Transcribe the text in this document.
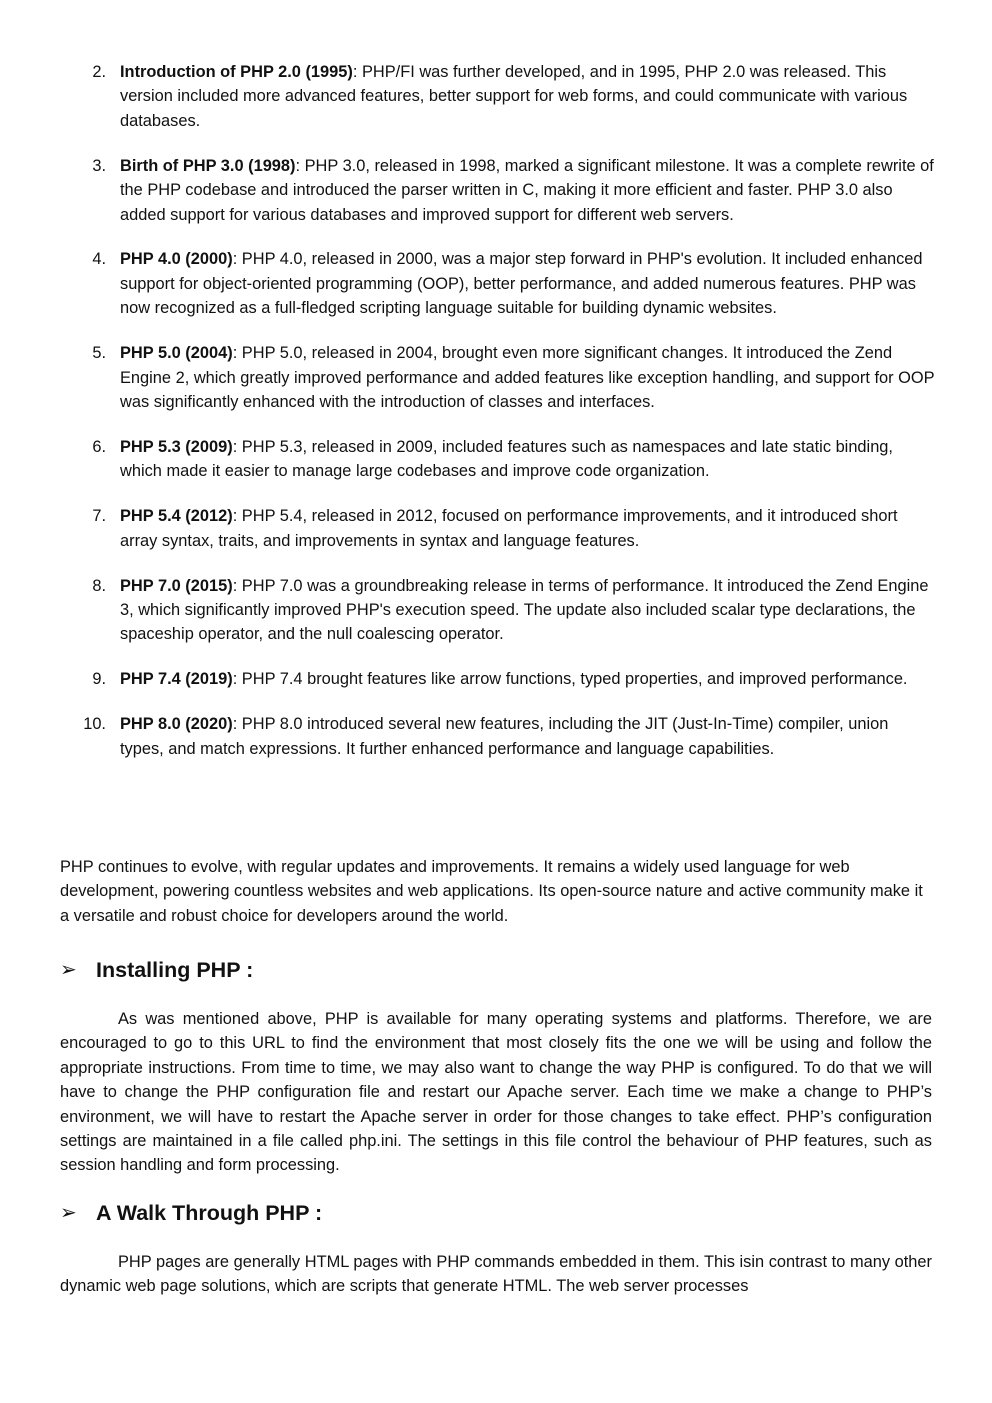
2. Introduction of PHP 2.0 (1995): PHP/FI was further developed, and in 1995, PHP 2.0 was released. This version included more advanced features, better support for web forms, and could communicate with various databases.
3. Birth of PHP 3.0 (1998): PHP 3.0, released in 1998, marked a significant milestone. It was a complete rewrite of the PHP codebase and introduced the parser written in C, making it more efficient and faster. PHP 3.0 also added support for various databases and improved support for different web servers.
4. PHP 4.0 (2000): PHP 4.0, released in 2000, was a major step forward in PHP's evolution. It included enhanced support for object-oriented programming (OOP), better performance, and added numerous features. PHP was now recognized as a full-fledged scripting language suitable for building dynamic websites.
5. PHP 5.0 (2004): PHP 5.0, released in 2004, brought even more significant changes. It introduced the Zend Engine 2, which greatly improved performance and added features like exception handling, and support for OOP was significantly enhanced with the introduction of classes and interfaces.
6. PHP 5.3 (2009): PHP 5.3, released in 2009, included features such as namespaces and late static binding, which made it easier to manage large codebases and improve code organization.
7. PHP 5.4 (2012): PHP 5.4, released in 2012, focused on performance improvements, and it introduced short array syntax, traits, and improvements in syntax and language features.
8. PHP 7.0 (2015): PHP 7.0 was a groundbreaking release in terms of performance. It introduced the Zend Engine 3, which significantly improved PHP's execution speed. The update also included scalar type declarations, the spaceship operator, and the null coalescing operator.
9. PHP 7.4 (2019): PHP 7.4 brought features like arrow functions, typed properties, and improved performance.
10. PHP 8.0 (2020): PHP 8.0 introduced several new features, including the JIT (Just-In-Time) compiler, union types, and match expressions. It further enhanced performance and language capabilities.

PHP continues to evolve, with regular updates and improvements. It remains a widely used language for web development, powering countless websites and web applications. Its open-source nature and active community make it a versatile and robust choice for developers around the world.

➢ Installing PHP :

As was mentioned above, PHP is available for many operating systems and platforms. Therefore, we are encouraged to go to this URL to find the environment that most closely fits the one we will be using and follow the appropriate instructions. From time to time, we may also want to change the way PHP is configured. To do that we will have to change the PHP configuration file and restart our Apache server. Each time we make a change to PHP’s environment, we will have to restart the Apache server in order for those changes to take effect. PHP’s configuration settings are maintained in a file called php.ini. The settings in this file control the behaviour of PHP features, such as session handling and form processing.

➢ A Walk Through PHP :

PHP pages are generally HTML pages with PHP commands embedded in them. This isin contrast to many other dynamic web page solutions, which are scripts that generate HTML. The web server processes
